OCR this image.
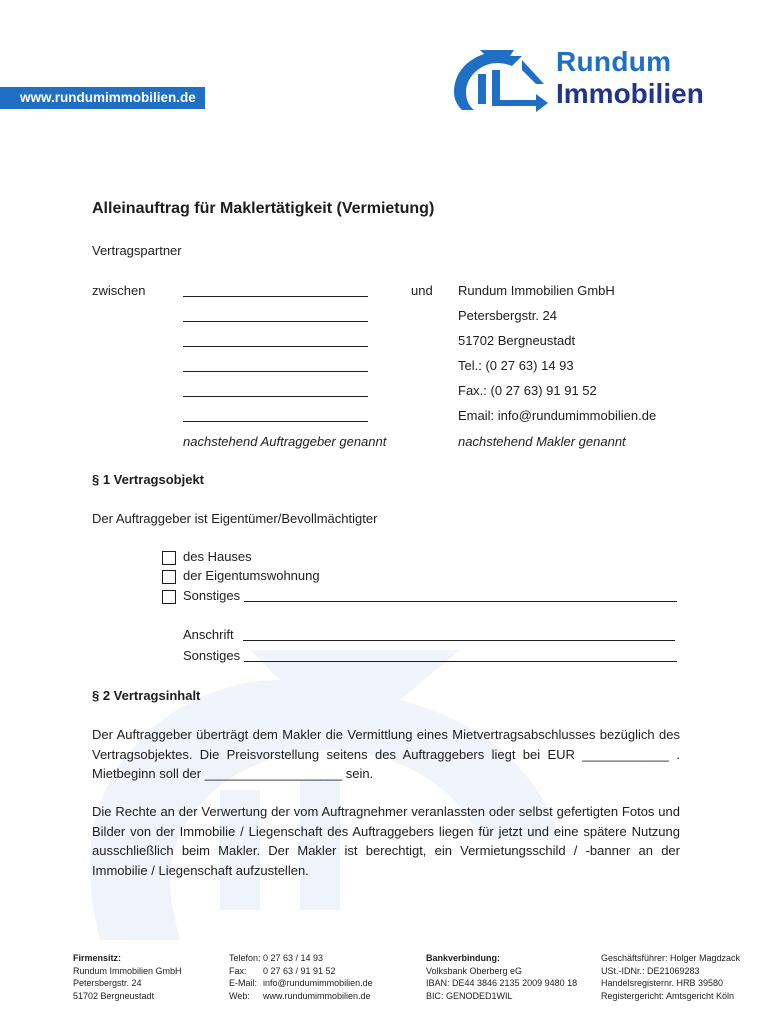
www.rundumimmobilien.de
Rundum
Immobilien
Alleinauftrag für Maklertätigkeit (Vermietung)
Vertragspartner
zwischen	und Rundum Immobilien GmbH
Petersbergstr. 24
51702 Bergneustadt
Tel.: (0 27 63) 14 93
Fax.: (0 27 63) 91 91 52
Email: info@rundumimmobilien.de
nachstehend Auftraggeber genannt	nachstehend Makler genannt
§ 1 Vertragsobjekt
Der Auftraggeber ist Eigentümer/Bevollmächtigter
des Hauses
der Eigentumswohnung
Sonstiges
Anschrift
Sonstiges
§ 2 Vertragsinhalt
Der Auftraggeber überträgt dem Makler die Vermittlung eines Mietvertragsabschlusses bezüglich des Vertragsobjektes. Die Preisvorstellung seitens des Auftraggebers liegt bei EUR ____________ . Mietbeginn soll der ___________________ sein.
Die Rechte an der Verwertung der vom Auftragnehmer veranlassten oder selbst gefertigten Fotos und Bilder von der Immobilie / Liegenschaft des Auftraggebers liegen für jetzt und eine spätere Nutzung ausschließlich beim Makler. Der Makler ist berechtigt, ein Vermietungsschild / -banner an der Immobilie / Liegenschaft aufzustellen.
Firmensitz:
Rundum Immobilien GmbH
Petersbergstr. 24
51702 Bergneustadt
Telefon: 0 27 63 / 14 93
Fax: 0 27 63 / 91 91 52
E-Mail: info@rundumimmobilien.de
Web: www.rundumimmobilien.de
Bankverbindung:
Volksbank Oberberg eG
IBAN: DE44 3846 2135 2009 9480 18
BIC: GENODED1WIL
Geschäftsführer: Holger Magdzack
USt.-IDNr.: DE21069283
Handelsregisternr. HRB 39580
Registergericht: Amtsgericht Köln
